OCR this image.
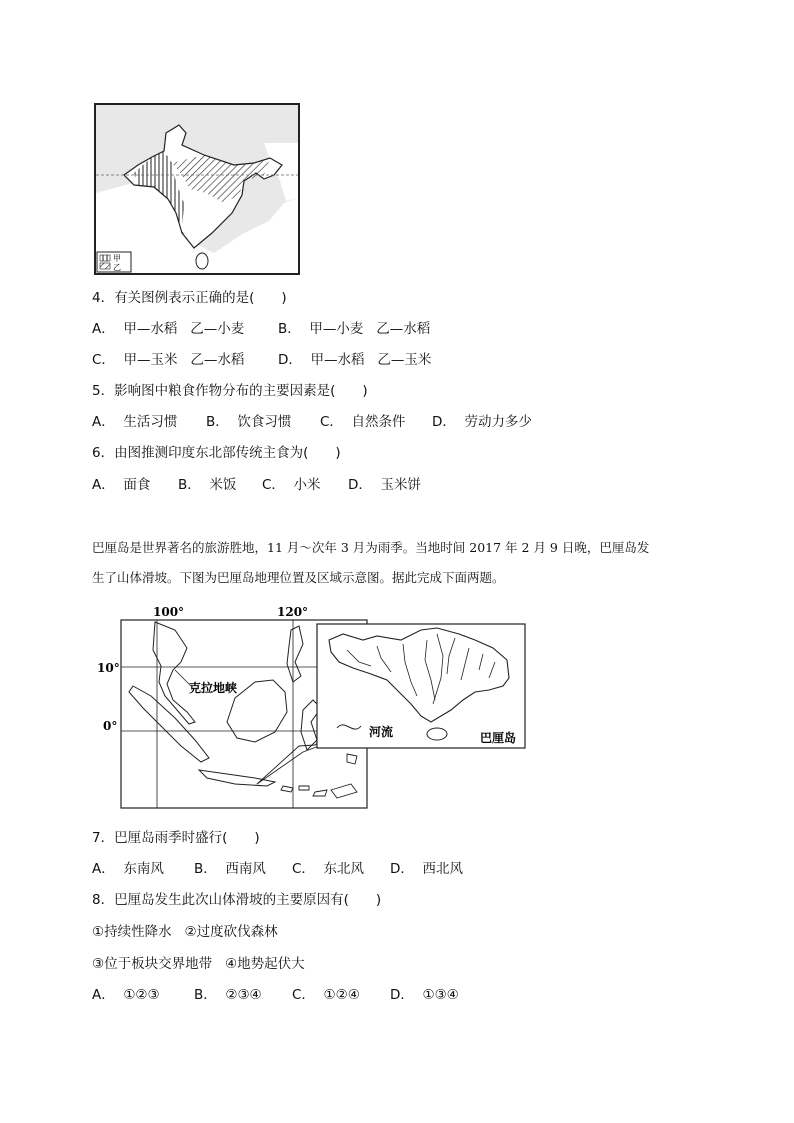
甲
乙
4．有关图例表示正确的是(　　)
A．  甲—水稻   乙—小麦	B．  甲—小麦   乙—水稻
C．  甲—玉米   乙—水稻 D．  甲—水稻   乙—玉米
5．影响图中粮食作物分布的主要因素是(　　)
A．  生活习惯 B．  饮食习惯 C．  自然条件 D．  劳动力多少
6．由图推测印度东北部传统主食为(　　)
A．  面食 B．  米饭 C．  小米 D．  玉米饼
巴厘岛是世界著名的旅游胜地，11 月～次年 3 月为雨季。当地时间 2017 年 2 月 9 日晚，巴厘岛发
生了山体滑坡。下图为巴厘岛地理位置及区域示意图。据此完成下面两题。
100°	120°
10°
0°
克拉地峡
河流	巴厘岛
7．巴厘岛雨季时盛行(　　)
A．  东南风 B．  西南风 C．  东北风 D．  西北风
8．巴厘岛发生此次山体滑坡的主要原因有(　　)
①持续性降水   ②过度砍伐森林
③位于板块交界地带   ④地势起伏大
A．  ①②③	B．  ②③④ C．  ①②④ D．  ①③④
